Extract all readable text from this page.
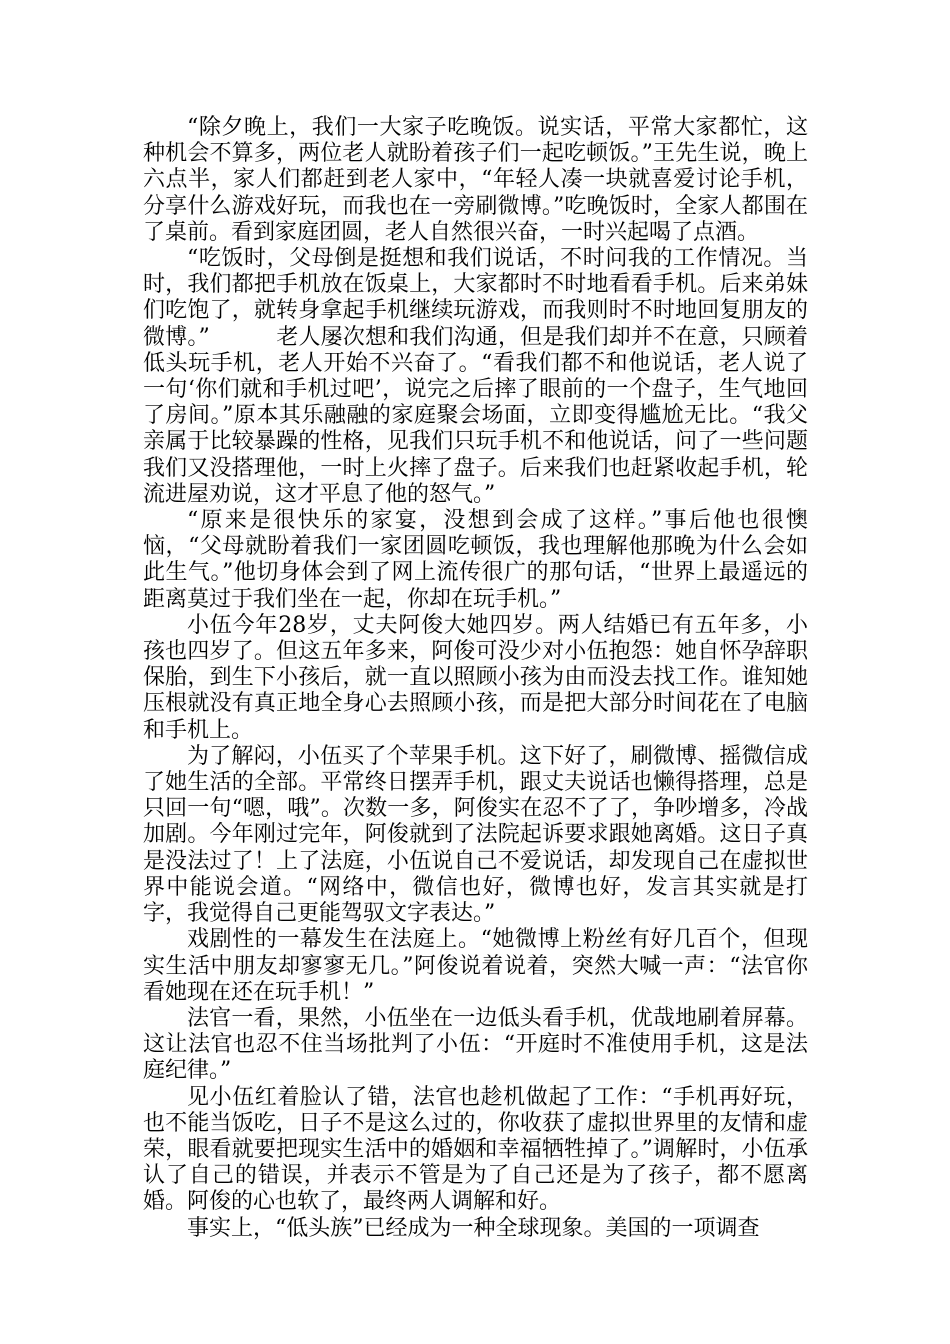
“除夕晚上，我们一大家子吃晚饭。说实话，平常大家都忙，这种机会不算多，两位老人就盼着孩子们一起吃顿饭。”王先生说，晚上六点半，家人们都赶到老人家中，“年轻人凑一块就喜爱讨论手机，分享什么游戏好玩，而我也在一旁刷微博。”吃晚饭时，全家人都围在了桌前。看到家庭团圆，老人自然很兴奋，一时兴起喝了点酒。

“吃饭时，父母倒是挺想和我们说话，不时问我的工作情况。当时，我们都把手机放在饭桌上，大家都时不时地看看手机。后来弟妹们吃饱了，就转身拿起手机继续玩游戏，而我则时不时地回复朋友的微博。”　　　老人屡次想和我们沟通，但是我们却并不在意，只顾着低头玩手机，老人开始不兴奋了。“看我们都不和他说话，老人说了一句‘你们就和手机过吧’，说完之后摔了眼前的一个盘子，生气地回了房间。”原本其乐融融的家庭聚会场面，立即变得尴尬无比。“我父亲属于比较暴躁的性格，见我们只玩手机不和他说话，问了一些问题我们又没搭理他，一时上火摔了盘子。后来我们也赶紧收起手机，轮流进屋劝说，这才平息了他的怒气。”

“原来是很快乐的家宴，没想到会成了这样。”事后他也很懊恼，“父母就盼着我们一家团圆吃顿饭，我也理解他那晚为什么会如此生气。”他切身体会到了网上流传很广的那句话，“世界上最遥远的距离莫过于我们坐在一起，你却在玩手机。”

小伍今年28岁，丈夫阿俊大她四岁。两人结婚已有五年多，小孩也四岁了。但这五年多来，阿俊可没少对小伍抱怨：她自怀孕辞职保胎，到生下小孩后，就一直以照顾小孩为由而没去找工作。谁知她压根就没有真正地全身心去照顾小孩，而是把大部分时间花在了电脑和手机上。

为了解闷，小伍买了个苹果手机。这下好了，刷微博、摇微信成了她生活的全部。平常终日摆弄手机，跟丈夫说话也懒得搭理，总是只回一句“嗯，哦”。次数一多，阿俊实在忍不了了，争吵增多，冷战加剧。今年刚过完年，阿俊就到了法院起诉要求跟她离婚。这日子真是没法过了！上了法庭，小伍说自己不爱说话，却发现自己在虚拟世界中能说会道。“网络中，微信也好，微博也好，发言其实就是打字，我觉得自己更能驾驭文字表达。”

戏剧性的一幕发生在法庭上。“她微博上粉丝有好几百个，但现实生活中朋友却寥寥无几。”阿俊说着说着，突然大喊一声：“法官你看她现在还在玩手机！”

法官一看，果然，小伍坐在一边低头看手机，优哉地刷着屏幕。这让法官也忍不住当场批判了小伍：“开庭时不准使用手机，这是法庭纪律。”

见小伍红着脸认了错，法官也趁机做起了工作：“手机再好玩，也不能当饭吃，日子不是这么过的，你收获了虚拟世界里的友情和虚荣，眼看就要把现实生活中的婚姻和幸福牺牲掉了。”调解时，小伍承认了自己的错误，并表示不管是为了自己还是为了孩子，都不愿离婚。阿俊的心也软了，最终两人调解和好。

事实上，“低头族”已经成为一种全球现象。美国的一项调查
